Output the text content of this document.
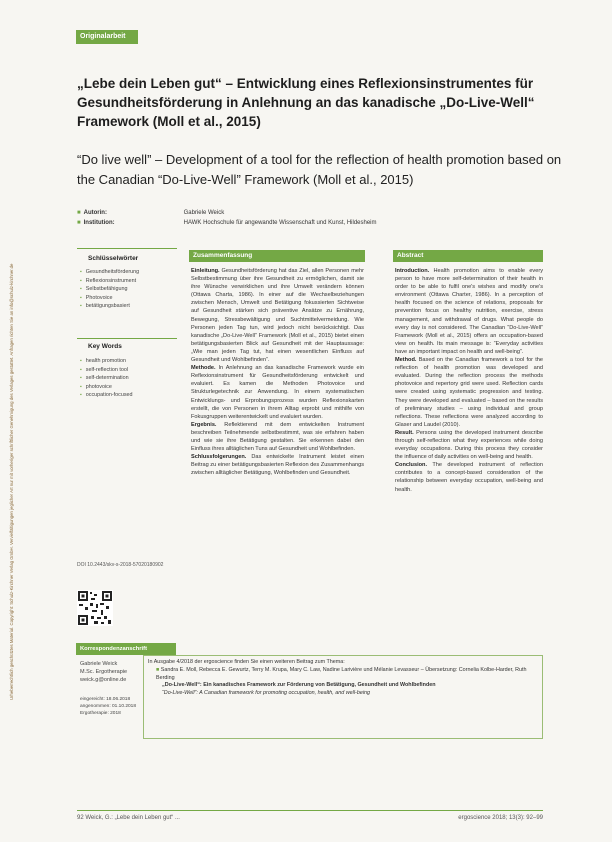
Urheberrechtlich geschütztes Material. Copyright: Schulz-Kirchner Verlag GmbH. Vervielfältigungen jeglicher Art nur mit vorheriger schriftlicher Genehmigung des Verlages gestattet. Anfragen richten Sie an info@schulz-kirchner.de
Originalarbeit
„Lebe dein Leben gut“ – Entwicklung eines Reflexionsinstrumentes für Gesundheitsförderung in Anlehnung an das kanadische „Do-Live-Well“ Framework (Moll et al., 2015)
“Do live well” – Development of a tool for the reflection of health promotion based on the Canadian “Do-Live-Well” Framework (Moll et al., 2015)
■ Autorin:	Gabriele Weick
■ Institution:	HAWK Hochschule für angewandte Wissenschaft und Kunst, Hildesheim
Schlüsselwörter
▪ Gesundheitsförderung
▪ Reflexionsinstrument
▪ Selbstbefähigung
▪ Photovoice
▪ betätigungsbasiert
Key Words
▪ health promotion
▪ self-reflection tool
▪ self-determination
▪ photovoice
▪ occupation-focused
DOI 10.2443/skv-s-2018-57020180902
Zusammenfassung
Einleitung. Gesundheitsförderung hat das Ziel, allen Personen mehr Selbstbestimmung über ihre Gesundheit zu ermöglichen, damit sie ihre Wünsche verwirklichen und ihre Umwelt verändern können (Ottawa Charta, 1986). In einer auf die Wechselbeziehungen zwischen Mensch, Umwelt und Betätigung fokussierten Sichtweise auf Gesundheit stärken sich präventive Ansätze zu Ernährung, Bewegung, Stressbewältigung und Suchtmittelvermeidung. Wie Personen jeden Tag tun, wird jedoch nicht berücksichtigt. Das kanadische „Do-Live-Well“ Framework (Moll et al., 2015) bietet einen betätigungsbasierten Blick auf Gesundheit mit der Hauptaussage: „Wie man jeden Tag tut, hat einen wesentlichen Einfluss auf Gesundheit und Wohlbefinden“.
Methode. In Anlehnung an das kanadische Framework wurde ein Reflexionsinstrument für Gesundheitsförderung entwickelt und evaluiert. Es kamen die Methoden Photovoice und Strukturlegetechnik zur Anwendung. In einem systematischen Entwicklungs- und Erprobungsprozess wurden Reflexionskarten erstellt, die von Personen in ihrem Alltag erprobt und mithilfe von Fokusgruppen weiterentwickelt und evaluiert wurden.
Ergebnis. Reflektierend mit dem entwickelten Instrument beschreiben Teilnehmende selbstbestimmt, was sie erfahren haben und wie sie ihre Betätigung gestalten. Sie erkennen dabei den Einfluss ihres alltäglichen Tuns auf Gesundheit und Wohlbefinden.
Schlussfolgerungen. Das entwickelte Instrument leistet einen Beitrag zu einer betätigungsbasierten Reflexion des Zusammenhangs zwischen alltäglicher Betätigung, Wohlbefinden und Gesundheit.
Abstract
Introduction. Health promotion aims to enable every person to have more self-determination of their health in order to be able to fulfil one's wishes and modify one's environment (Ottawa Charter, 1986). In a perception of health focused on the science of relations, proposals for prevention focus on healthy nutrition, exercise, stress management, and withdrawal of drugs. What people do every day is not considered. The Canadian “Do-Live-Well” Framework (Moll et al., 2015) offers an occupation-based view on health. Its main message is: “Everyday activities have an important impact on health and well-being”.
Method. Based on the Canadian framework a tool for the reflection of health promotion was developed and evaluated. During the reflection process the methods photovoice and repertory grid were used. Reflection cards were created using systematic progression and testing. They were developed and evaluated – based on the results of preliminary studies – using individual and group reflections. These reflections were analyzed according to Glaser and Laudel (2010).
Result. Persons using the developed instrument describe through self-reflection what they experiences while doing everyday occupations. During this process they consider the influence of daily activities on well-being and health.
Conclusion. The developed instrument of reflection contributes to a concept-based consideration of the relationship between everyday occupation, well-being and health.
Korrespondenzanschrift
Gabriele Weick
M.Sc. Ergotherapie
weick.g@online.de
eingereicht: 18.06.2018
angenommen: 01.10.2018
Ergotherapie: 2018
In Ausgabe 4/2018 der ergoscience finden Sie einen weiteren Beitrag zum Thema:
■ Sandra E. Moll, Rebecca E. Gewurtz, Terry M. Krupa, Mary C. Law, Nadine Larivière und Mélanie Levasseur – Übersetzung: Cornelia Kolbe-Harder, Ruth Berding
„Do-Live-Well“: Ein kanadisches Framework zur Förderung von Betätigung, Gesundheit und Wohlbefinden
“Do-Live-Well”: A Canadian framework for promoting occupation, health, and well-being
92 Weick, G.: „Lebe dein Leben gut“ ...	ergoscience 2018; 13(3): 92–99
